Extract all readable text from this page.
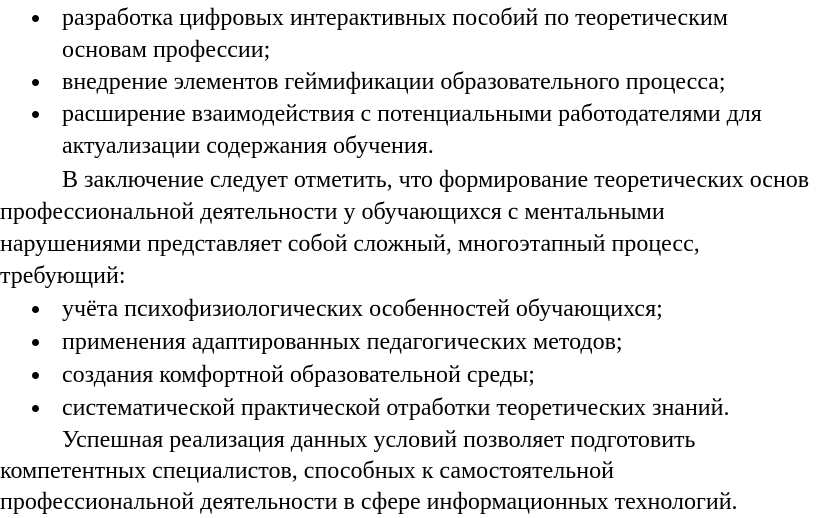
разработка цифровых интерактивных пособий по теоретическим
основам профессии;
внедрение элементов геймификации образовательного процесса;
расширение взаимодействия с потенциальными работодателями для
актуализации содержания обучения.
В заключение следует отметить, что формирование теоретических основ
профессиональной деятельности у обучающихся с ментальными
нарушениями представляет собой сложный, многоэтапный процесс,
требующий:
учёта психофизиологических особенностей обучающихся;
применения адаптированных педагогических методов;
создания комфортной образовательной среды;
систематической практической отработки теоретических знаний.
Успешная реализация данных условий позволяет подготовить
компетентных специалистов, способных к самостоятельной
профессиональной деятельности в сфере информационных технологий.
